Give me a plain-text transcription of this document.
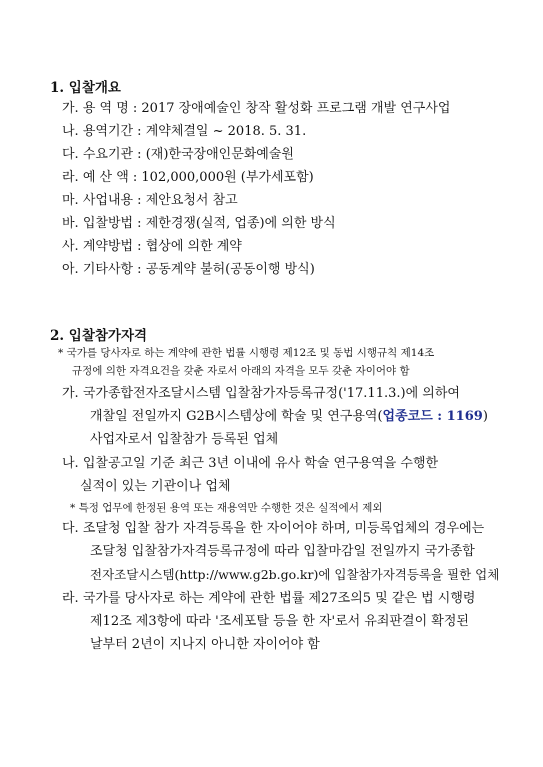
1. 입찰개요
가. 용 역 명 : 2017 장애예술인 창작 활성화 프로그램 개발 연구사업
나. 용역기간 : 계약체결일 ~ 2018. 5. 31.
다. 수요기관 : (재)한국장애인문화예술원
라. 예 산 액 : 102,000,000원 (부가세포함)
마. 사업내용 : 제안요청서 참고
바. 입찰방법 : 제한경쟁(실적, 업종)에 의한 방식
사. 계약방법 : 협상에 의한 계약
아. 기타사항 : 공동계약 불허(공동이행 방식)
2. 입찰참가자격
* 국가를 당사자로 하는 계약에 관한 법률 시행령 제12조 및 동법 시행규칙 제14조
규정에 의한 자격요건을 갖춘 자로서 아래의 자격을 모두 갖춘 자이어야 함
가. 국가종합전자조달시스템 입찰참가자등록규정('17.11.3.)에 의하여
개찰일 전일까지 G2B시스템상에 학술 및 연구용역(업종코드 : 1169)
사업자로서 입찰참가 등록된 업체
나. 입찰공고일 기준 최근 3년 이내에 유사 학술 연구용역을 수행한
실적이 있는 기관이나 업체
* 특정 업무에 한정된 용역 또는 재용역만 수행한 것은 실적에서 제외
다. 조달청 입찰 참가 자격등록을 한 자이어야 하며, 미등록업체의 경우에는
조달청 입찰참가자격등록규정에 따라 입찰마감일 전일까지 국가종합
전자조달시스템(http://www.g2b.go.kr)에 입찰참가자격등록을 필한 업체
라. 국가를 당사자로 하는 계약에 관한 법률 제27조의5 및 같은 법 시행령
제12조 제3항에 따라 '조세포탈 등을 한 자'로서 유죄판결이 확정된
날부터 2년이 지나지 아니한 자이어야 함
